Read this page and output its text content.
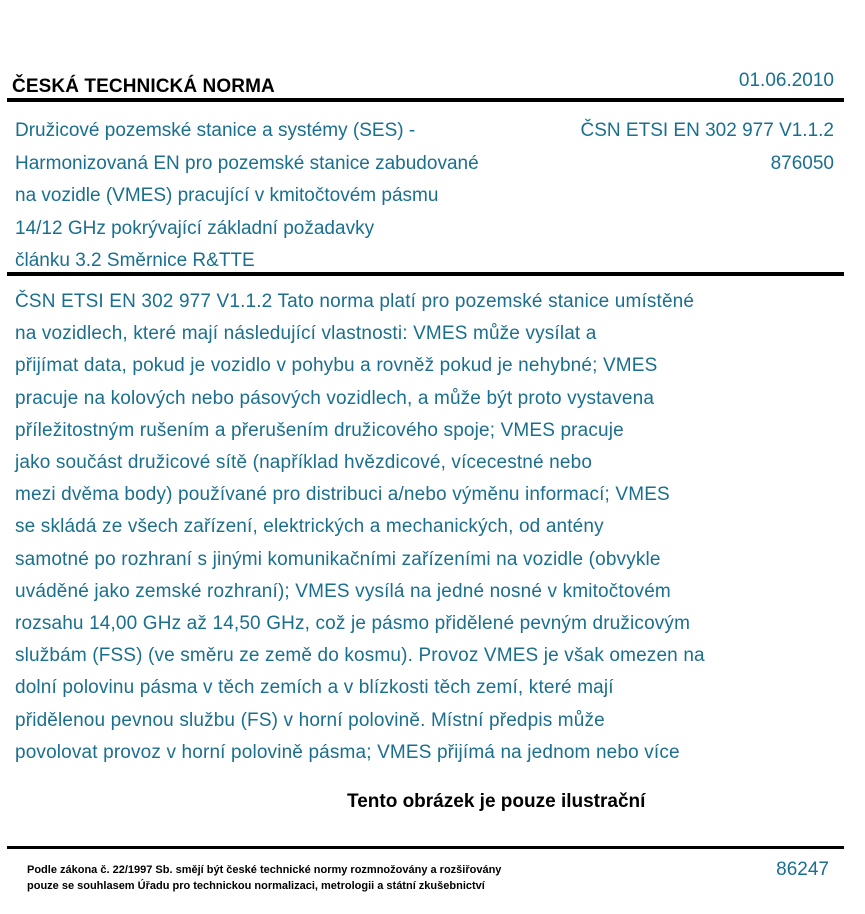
ČESKÁ TECHNICKÁ NORMA	01.06.2010
Družicové pozemské stanice a systémy (SES) -
Harmonizovaná EN pro pozemské stanice zabudované
na vozidle (VMES) pracující v kmitočtovém pásmu
14/12 GHz pokrývající základní požadavky
článku 3.2 Směrnice R&TTE
ČSN ETSI EN 302 977 V1.1.2
876050
ČSN ETSI EN 302 977 V1.1.2 Tato norma platí pro pozemské stanice umístěné
na vozidlech, které mají následující vlastnosti: VMES může vysílat a
přijímat data, pokud je vozidlo v pohybu a rovněž pokud je nehybné; VMES
pracuje na kolových nebo pásových vozidlech, a může být proto vystavena
příležitostným rušením a přerušením družicového spoje; VMES pracuje
jako součást družicové sítě (například hvězdicové, vícecestné nebo
mezi dvěma body) používané pro distribuci a/nebo výměnu informací; VMES
se skládá ze všech zařízení, elektrických a mechanických, od antény
samotné po rozhraní s jinými komunikačními zařízeními na vozidle (obvykle
uváděné jako zemské rozhraní); VMES vysílá na jedné nosné v kmitočtovém
rozsahu 14,00 GHz až 14,50 GHz, což je pásmo přidělené pevným družicovým
službám (FSS) (ve směru ze země do kosmu). Provoz VMES je však omezen na
dolní polovinu pásma v těch zemích a v blízkosti těch zemí, které mají
přidělenou pevnou službu (FS) v horní polovině. Místní předpis může
povolovat provoz v horní polovině pásma; VMES přijímá na jednom nebo více
Tento obrázek je pouze ilustrační
Podle zákona č. 22/1997 Sb. smějí být české technické normy rozmnožovány a rozšiřovány
pouze se souhlasem Úřadu pro technickou normalizaci, metrologii a státní zkušebnictví
86247
